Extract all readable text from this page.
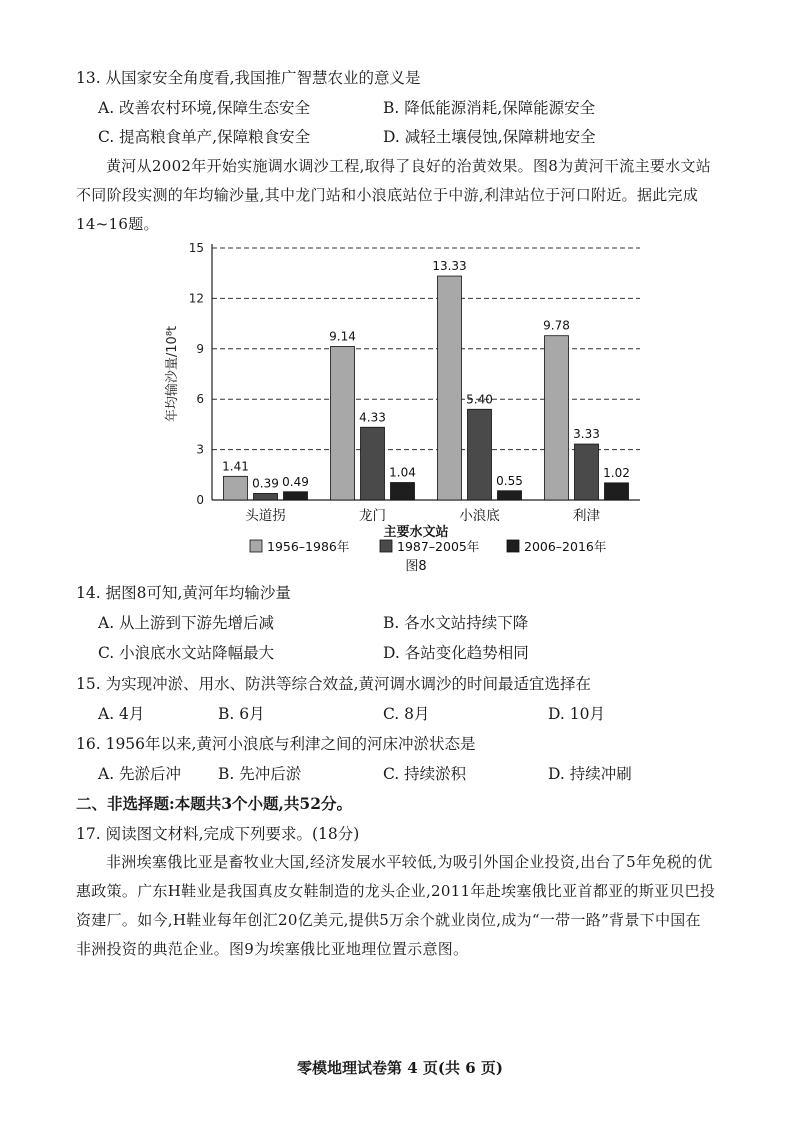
13. 从国家安全角度看,我国推广智慧农业的意义是
A. 改善农村环境,保障生态安全	B. 降低能源消耗,保障能源安全
C. 提高粮食单产,保障粮食安全	D. 减轻土壤侵蚀,保障耕地安全
黄河从2002年开始实施调水调沙工程,取得了良好的治黄效果。图8为黄河干流主要水文站不同阶段实测的年均输沙量,其中龙门站和小浪底站位于中游,利津站位于河口附近。据此完成14~16题。
0
3
6
9
12
15
年均输沙量/10⁸t
1.41
0.39 0.49
头道拐
9.14
4.33
1.04
龙门
13.33
5.40
0.55
小浪底
9.78
3.33
1.02
利津
主要水文站
1956–1986年	1987–2005年	2006–2016年
图8
14. 据图8可知,黄河年均输沙量
A. 从上游到下游先增后减	B. 各水文站持续下降
C. 小浪底水文站降幅最大	D. 各站变化趋势相同
15. 为实现冲淤、用水、防洪等综合效益,黄河调水调沙的时间最适宜选择在
A. 4月	B. 6月	C. 8月	D. 10月
16. 1956年以来,黄河小浪底与利津之间的河床冲淤状态是
A. 先淤后冲 B. 先冲后淤	C. 持续淤积	D. 持续冲刷
二、非选择题:本题共3个小题,共52分。
17. 阅读图文材料,完成下列要求。(18分)
非洲埃塞俄比亚是畜牧业大国,经济发展水平较低,为吸引外国企业投资,出台了5年免税的优惠政策。广东H鞋业是我国真皮女鞋制造的龙头企业,2011年赴埃塞俄比亚首都亚的斯亚贝巴投资建厂。如今,H鞋业每年创汇20亿美元,提供5万余个就业岗位,成为“一带一路”背景下中国在非洲投资的典范企业。图9为埃塞俄比亚地理位置示意图。
零模地理试卷第 4 页(共 6 页)
